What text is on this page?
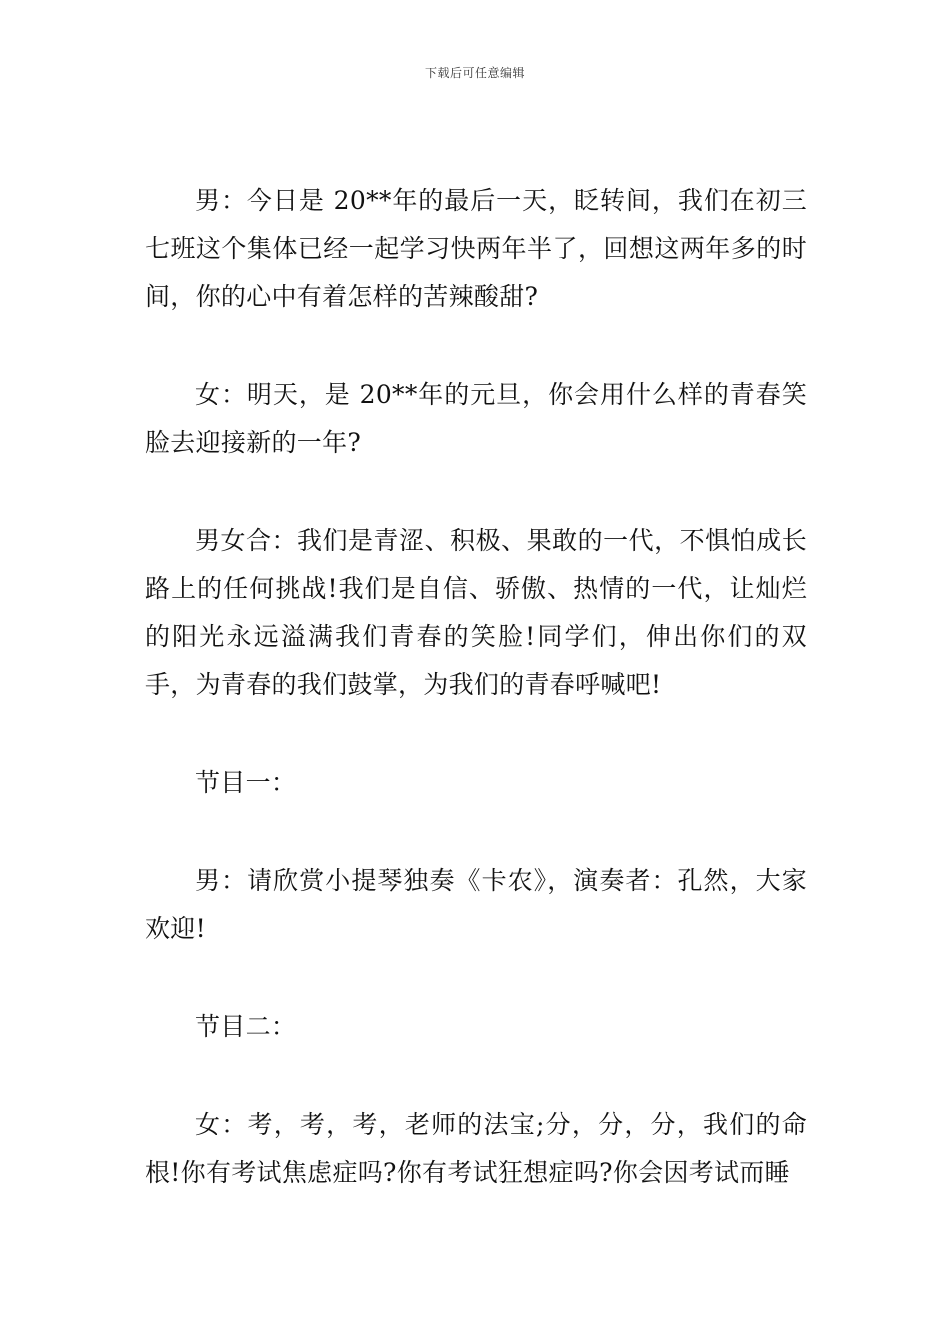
下载后可任意编辑

男：今日是 20**年的最后一天，眨转间，我们在初三七班这个集体已经一起学习快两年半了，回想这两年多的时间，你的心中有着怎样的苦辣酸甜?

女：明天，是 20**年的元旦，你会用什么样的青春笑脸去迎接新的一年?

男女合：我们是青涩、积极、果敢的一代，不惧怕成长路上的任何挑战!我们是自信、骄傲、热情的一代，让灿烂的阳光永远溢满我们青春的笑脸!同学们，伸出你们的双手，为青春的我们鼓掌，为我们的青春呼喊吧!

节目一：

男：请欣赏小提琴独奏《卡农》，演奏者：孔然，大家欢迎!

节目二：

女：考，考，考，老师的法宝;分，分，分，我们的命根!你有考试焦虑症吗?你有考试狂想症吗?你会因考试而睡
